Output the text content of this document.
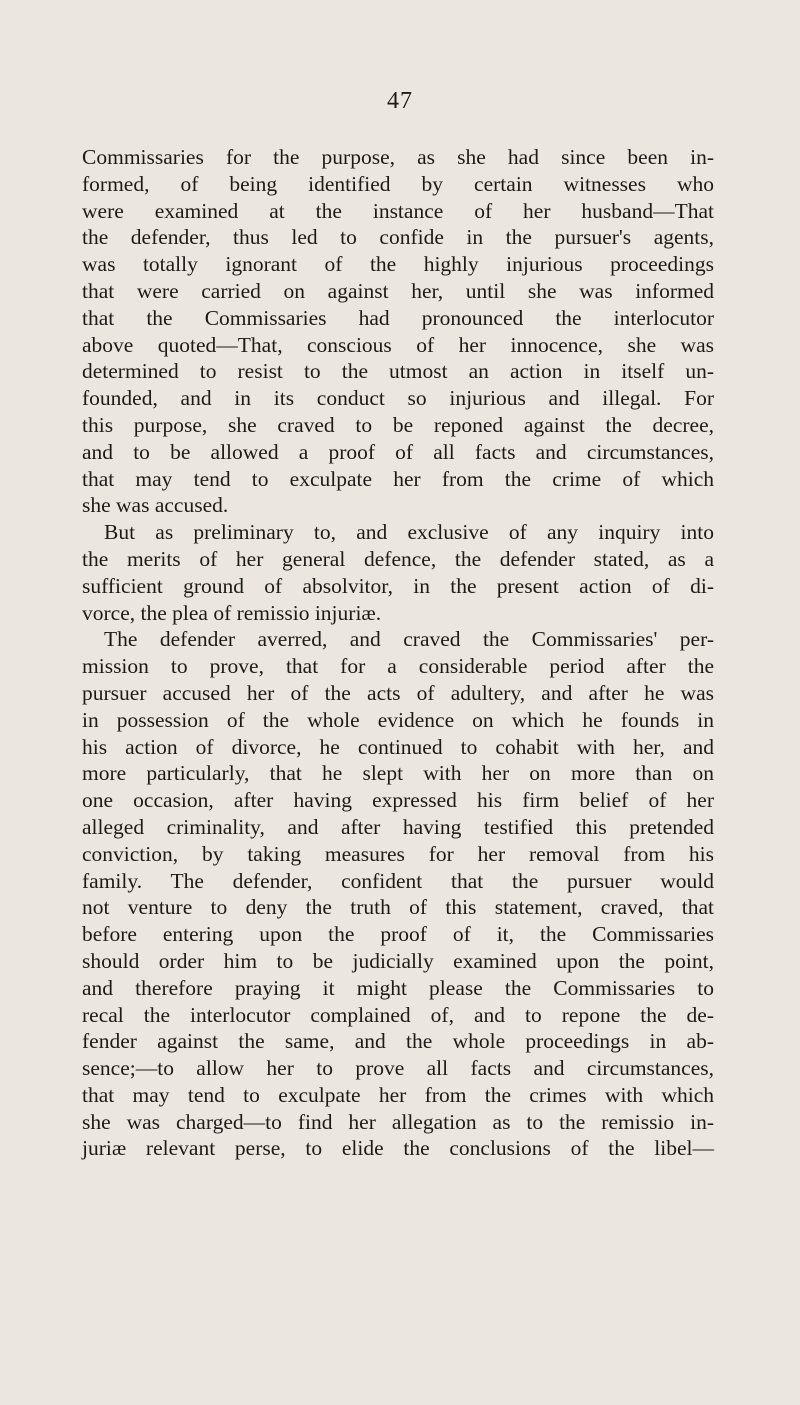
47
Commissaries for the purpose, as she had since been in-
formed, of being identified by certain witnesses who
were examined at the instance of her husband—That
the defender, thus led to confide in the pursuer's agents,
was totally ignorant of the highly injurious proceedings
that were carried on against her, until she was informed
that the Commissaries had pronounced the interlocutor
above quoted—That, conscious of her innocence, she was
determined to resist to the utmost an action in itself un-
founded, and in its conduct so injurious and illegal. For
this purpose, she craved to be reponed against the decree,
and to be allowed a proof of all facts and circumstances,
that may tend to exculpate her from the crime of which
she was accused.
But as preliminary to, and exclusive of any inquiry into
the merits of her general defence, the defender stated, as a
sufficient ground of absolvitor, in the present action of di-
vorce, the plea of remissio injuriæ.
The defender averred, and craved the Commissaries' per-
mission to prove, that for a considerable period after the
pursuer accused her of the acts of adultery, and after he was
in possession of the whole evidence on which he founds in
his action of divorce, he continued to cohabit with her, and
more particularly, that he slept with her on more than on
one occasion, after having expressed his firm belief of her
alleged criminality, and after having testified this pretended
conviction, by taking measures for her removal from his
family. The defender, confident that the pursuer would
not venture to deny the truth of this statement, craved, that
before entering upon the proof of it, the Commissaries
should order him to be judicially examined upon the point,
and therefore praying it might please the Commissaries to
recal the interlocutor complained of, and to repone the de-
fender against the same, and the whole proceedings in ab-
sence;—to allow her to prove all facts and circumstances,
that may tend to exculpate her from the crimes with which
she was charged—to find her allegation as to the remissio in-
juriæ relevant perse, to elide the conclusions of the libel—
